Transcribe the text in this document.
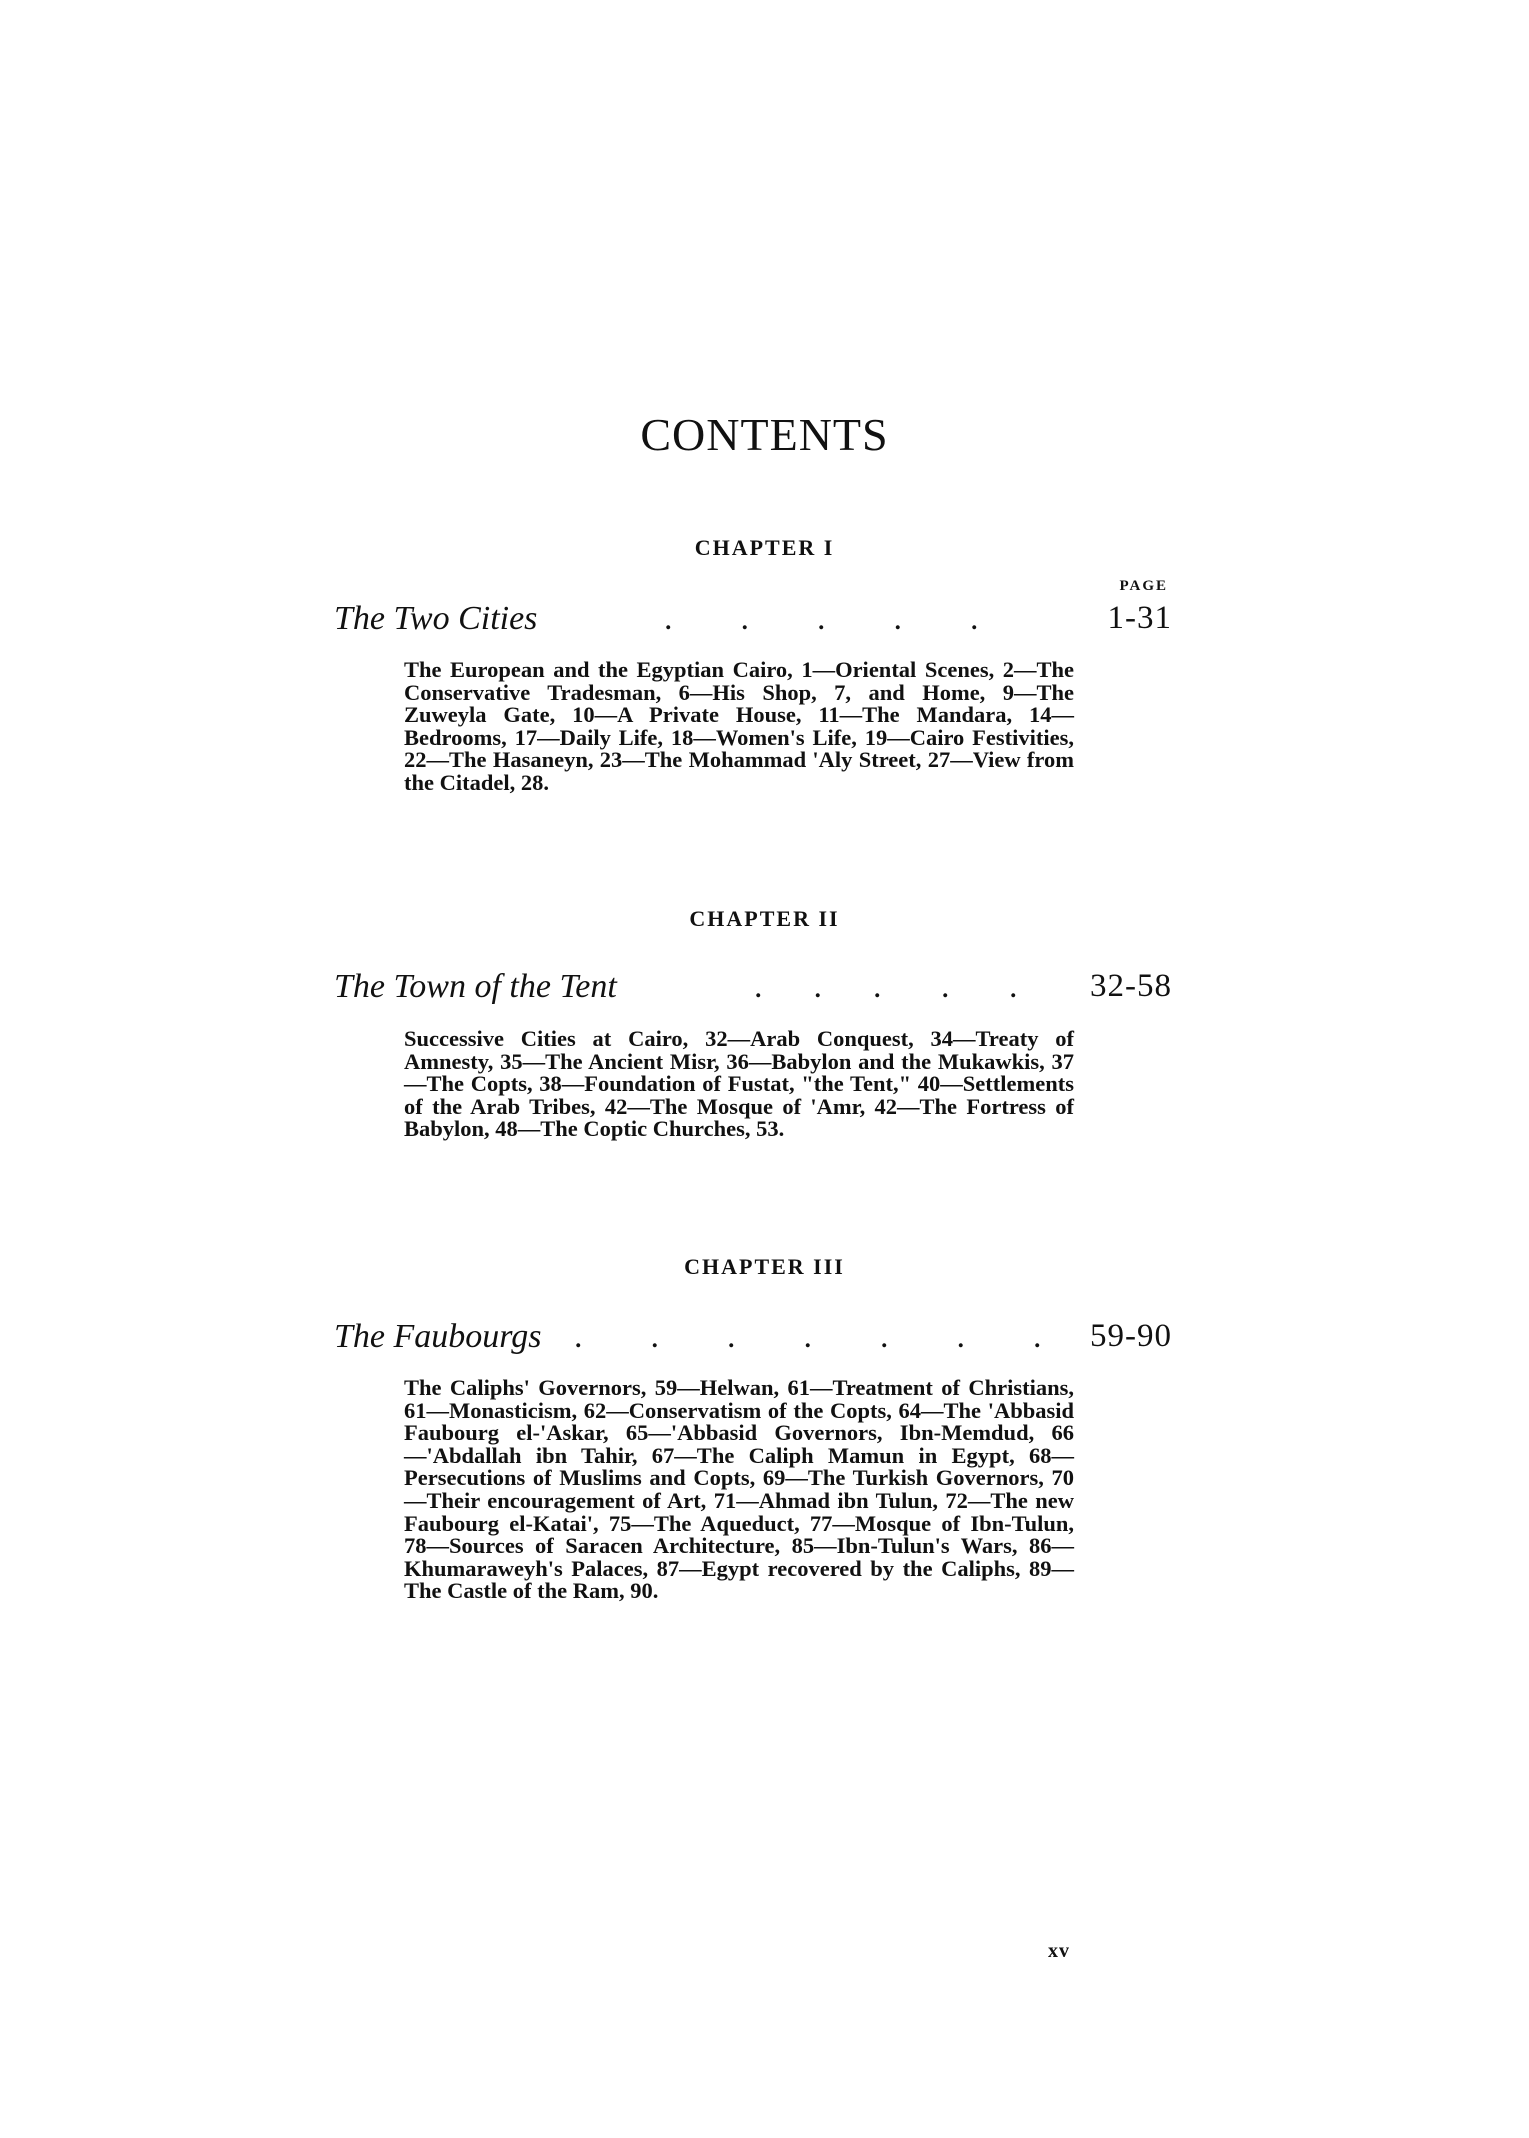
CONTENTS
CHAPTER I
PAGE
The Two Cities	.        .        .        .        .	1-31
The European and the Egyptian Cairo, 1—Oriental Scenes, 2—The Conservative Tradesman, 6—His Shop, 7, and Home, 9—The Zuweyla Gate, 10—A Private House, 11—The Mandara, 14—Bedrooms, 17—Daily Life, 18—Women's Life, 19—Cairo Festivities, 22—The Hasaneyn, 23—The Mohammad 'Aly Street, 27—View from the Citadel, 28.
CHAPTER II
The Town of the Tent	.      .      .       .       . 32-58
Successive Cities at Cairo, 32—Arab Conquest, 34—Treaty of Amnesty, 35—The Ancient Misr, 36—Babylon and the Mukawkis, 37—The Copts, 38—Foundation of Fustat, "the Tent," 40—Settlements of the Arab Tribes, 42—The Mosque of 'Amr, 42—The Fortress of Babylon, 48—The Coptic Churches, 53.
CHAPTER III
The Faubourgs .        .        .        .        .        .        . 59-90
The Caliphs' Governors, 59—Helwan, 61—Treatment of Christians, 61—Monasticism, 62—Conservatism of the Copts, 64—The 'Abbasid Faubourg el-'Askar, 65—'Abbasid Governors, Ibn-Memdud, 66—'Abdallah ibn Tahir, 67—The Caliph Mamun in Egypt, 68—Persecutions of Muslims and Copts, 69—The Turkish Governors, 70—Their encouragement of Art, 71—Ahmad ibn Tulun, 72—The new Faubourg el-Katai', 75—The Aqueduct, 77—Mosque of Ibn-Tulun, 78—Sources of Saracen Architecture, 85—Ibn-Tulun's Wars, 86—Khumaraweyh's Palaces, 87—Egypt recovered by the Caliphs, 89—The Castle of the Ram, 90.
xv
